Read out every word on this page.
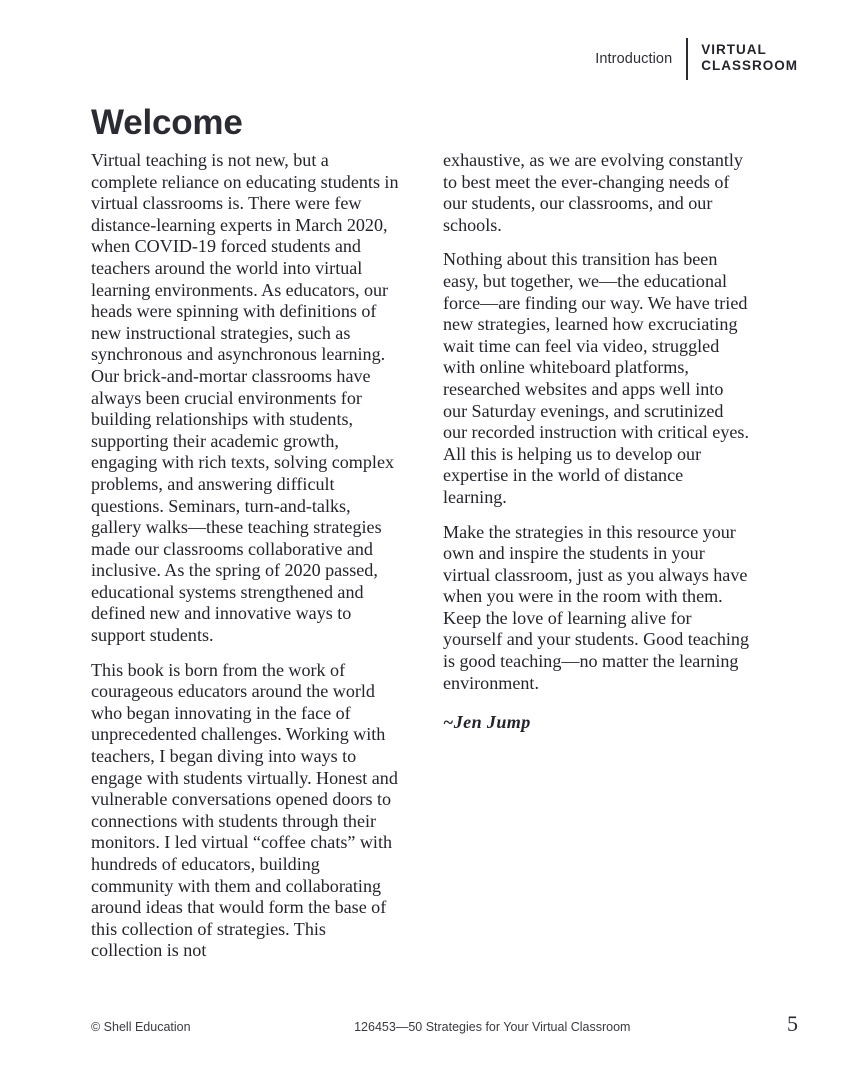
Introduction
VIRTUAL
CLASSROOM
Welcome

Virtual teaching is not new, but a complete reliance on educating students in virtual classrooms is. There were few distance-learning experts in March 2020, when COVID-19 forced students and teachers around the world into virtual learning environments. As educators, our heads were spinning with definitions of new instructional strategies, such as synchronous and asynchronous learning. Our brick-and-mortar classrooms have always been crucial environments for building relationships with students, supporting their academic growth, engaging with rich texts, solving complex problems, and answering difficult questions. Seminars, turn-and-talks, gallery walks—these teaching strategies made our classrooms collaborative and inclusive. As the spring of 2020 passed, educational systems strengthened and defined new and innovative ways to support students.

This book is born from the work of courageous educators around the world who began innovating in the face of unprecedented challenges. Working with teachers, I began diving into ways to engage with students virtually. Honest and vulnerable conversations opened doors to connections with students through their monitors. I led virtual “coffee chats” with hundreds of educators, building community with them and collaborating around ideas that would form the base of this collection of strategies. This collection is not

exhaustive, as we are evolving constantly to best meet the ever-changing needs of our students, our classrooms, and our schools.

Nothing about this transition has been easy, but together, we—the educational force—are finding our way. We have tried new strategies, learned how excruciating wait time can feel via video, struggled with online whiteboard platforms, researched websites and apps well into our Saturday evenings, and scrutinized our recorded instruction with critical eyes. All this is helping us to develop our expertise in the world of distance learning.

Make the strategies in this resource your own and inspire the students in your virtual classroom, just as you always have when you were in the room with them. Keep the love of learning alive for yourself and your students. Good teaching is good teaching—no matter the learning environment.

~Jen Jump

© Shell Education	126453—50 Strategies for Your Virtual Classroom	5
